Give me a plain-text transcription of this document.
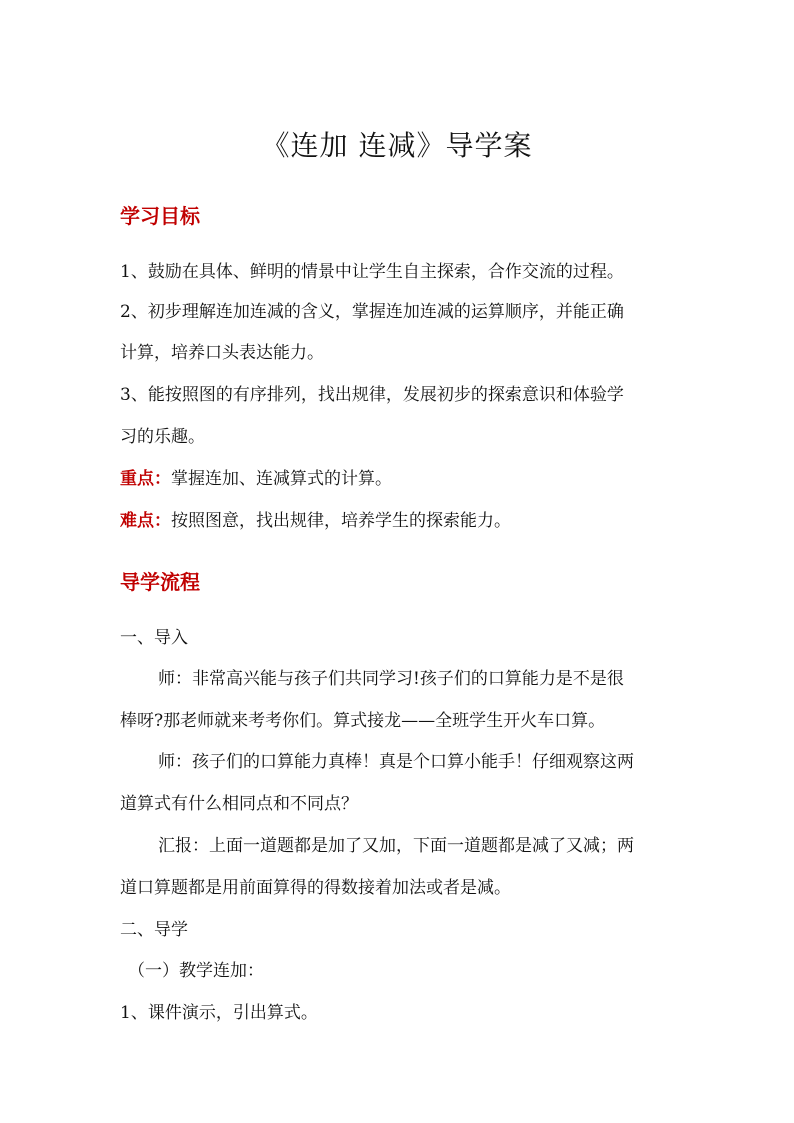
《连加 连减》导学案
学习目标
1、鼓励在具体、鲜明的情景中让学生自主探索，合作交流的过程。
2、初步理解连加连减的含义，掌握连加连减的运算顺序，并能正确
计算，培养口头表达能力。
3、能按照图的有序排列，找出规律，发展初步的探索意识和体验学
习的乐趣。
重点：掌握连加、连减算式的计算。
难点：按照图意，找出规律，培养学生的探索能力。
导学流程
一、导入
师：非常高兴能与孩子们共同学习!孩子们的口算能力是不是很
棒呀?那老师就来考考你们。算式接龙——全班学生开火车口算。
师：孩子们的口算能力真棒！真是个口算小能手！仔细观察这两
道算式有什么相同点和不同点？
汇报：上面一道题都是加了又加，下面一道题都是减了又减；两
道口算题都是用前面算得的得数接着加法或者是减。
二、导学
（一）教学连加：
1、课件演示，引出算式。
